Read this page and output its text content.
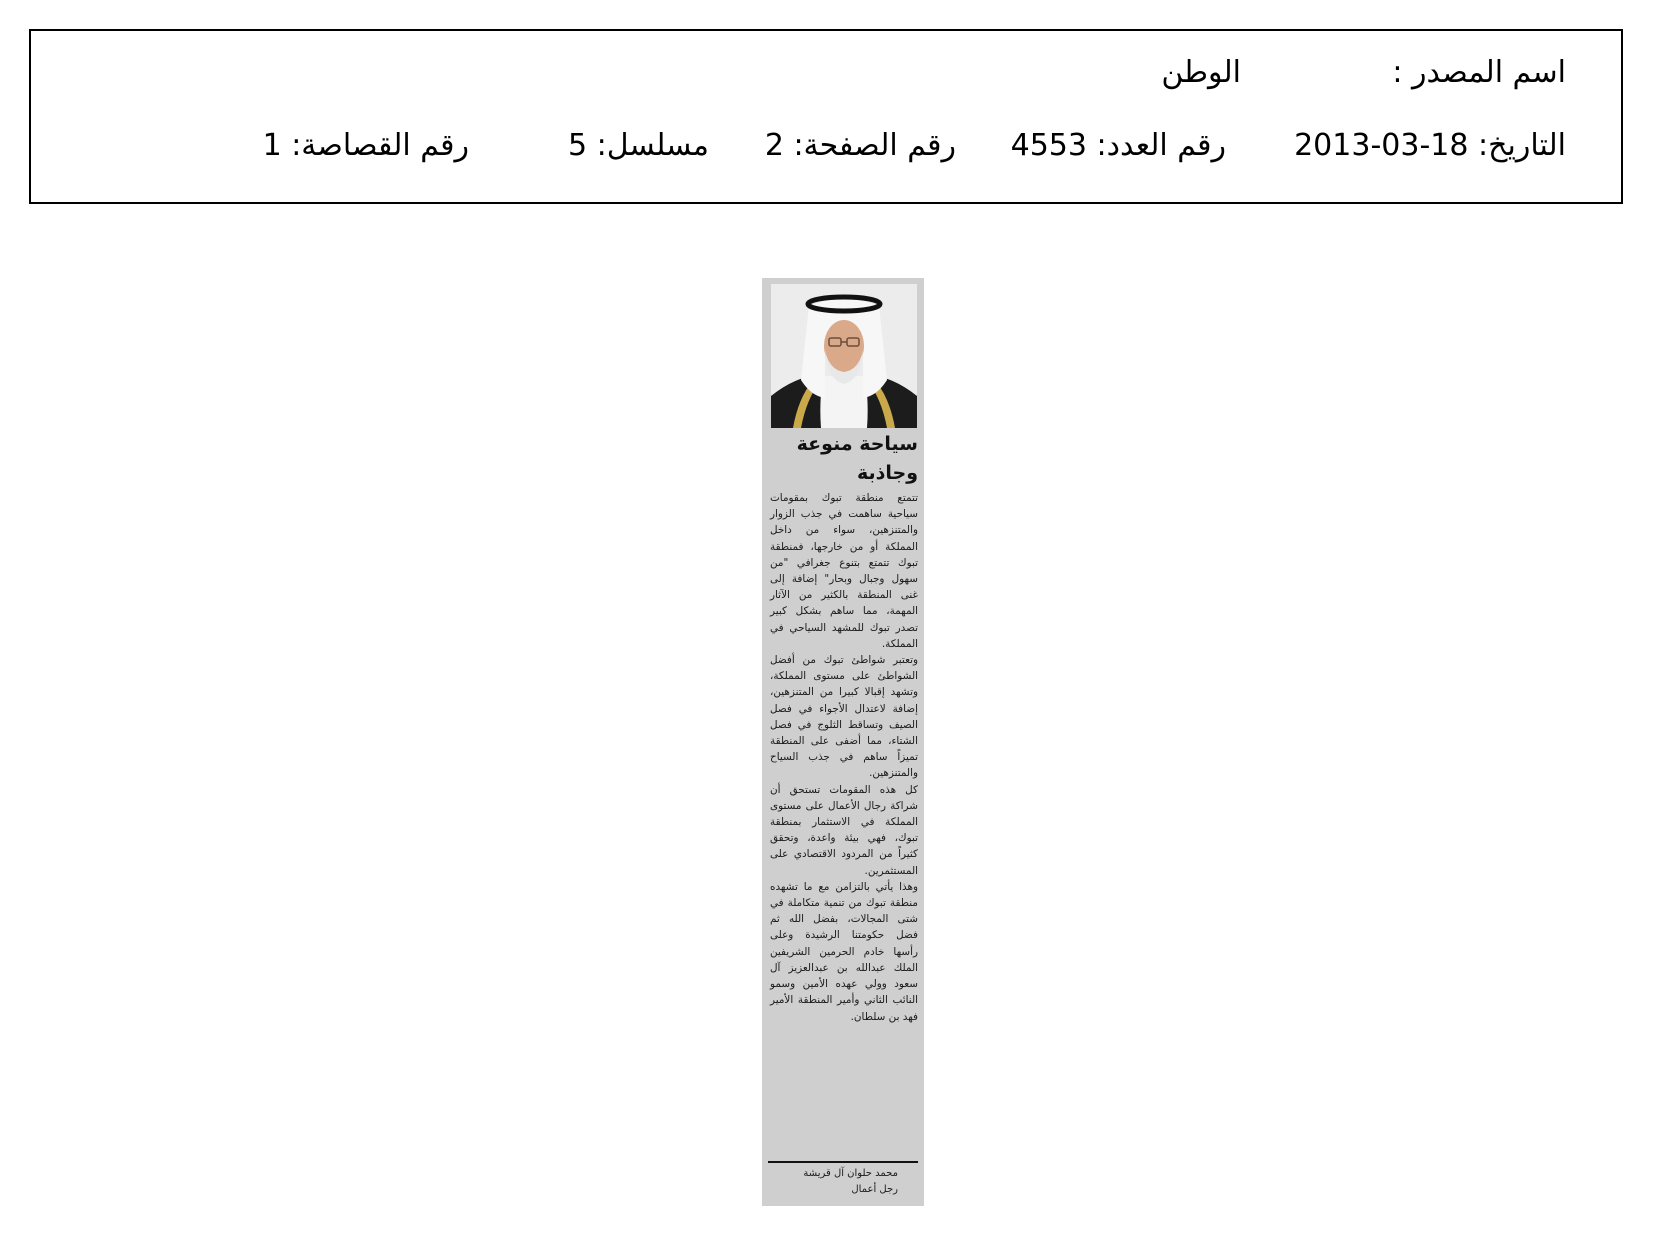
اسم المصدر :
الوطن
التاريخ: 18-03-2013
رقم العدد: 4553
رقم الصفحة: 2
مسلسل: 5
رقم القصاصة: 1
سياحة منوعة وجاذبة

تتمتع منطقة تبوك بمقومات سياحية ساهمت في جذب الزوار والمتنزهين، سواء من داخل المملكة أو من خارجها، فمنطقة تبوك تتمتع بتنوع جغرافي "من سهول وجبال وبحار" إضافة إلى غنى المنطقة بالكثير من الآثار المهمة، مما ساهم بشكل كبير تصدر تبوك للمشهد السياحي في المملكة.

وتعتبر شواطئ تبوك من أفضل الشواطئ على مستوى المملكة، وتشهد إقبالا كبيرا من المتنزهين، إضافة لاعتدال الأجواء في فصل الصيف وتساقط الثلوج في فصل الشتاء، مما أضفى على المنطقة تميزاً ساهم في جذب السياح والمتنزهين.

كل هذه المقومات تستحق أن شراكة رجال الأعمال على مستوى المملكة في الاستثمار بمنطقة تبوك، فهي بيئة واعدة، وتحقق كثيراً من المردود الاقتصادي على المستثمرين.

وهذا يأتي بالتزامن مع ما تشهده منطقة تبوك من تنمية متكاملة في شتى المجالات، بفضل الله ثم فضل حكومتنا الرشيدة وعلى رأسها خادم الحرمين الشريفين الملك عبدالله بن عبدالعزيز آل سعود وولي عهده الأمين وسمو النائب الثاني وأمير المنطقة الأمير فهد بن سلطان.

محمد حلوان آل قريشة
رجل أعمال
